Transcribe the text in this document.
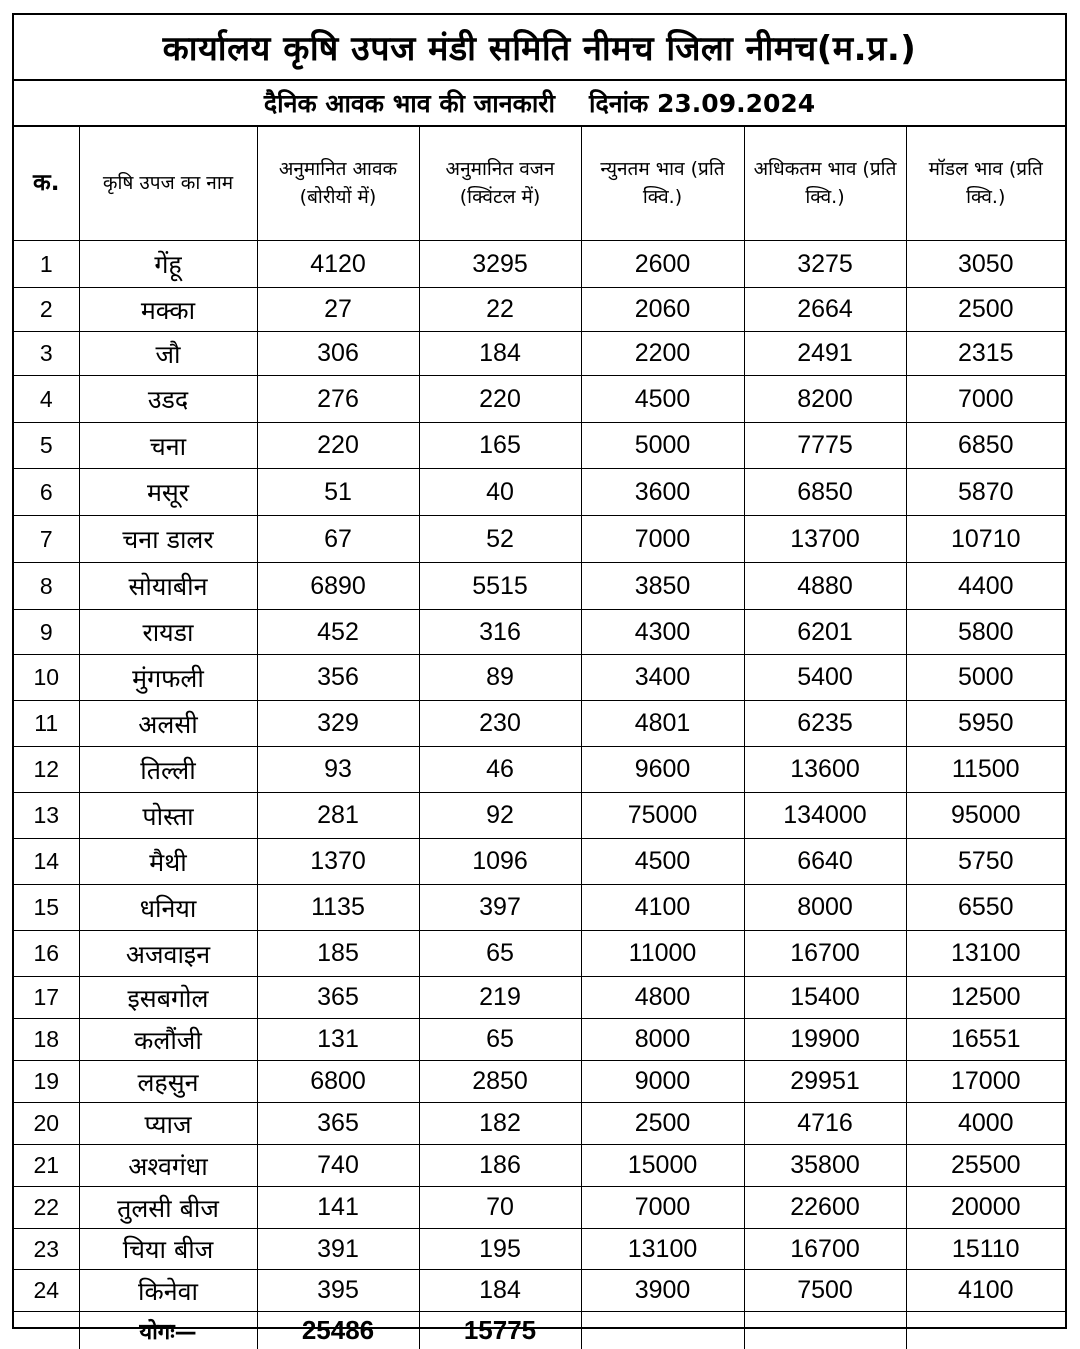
कार्यालय कृषि उपज मंडी समिति नीमच जिला नीमच(म.प्र.)
दैनिक आवक भाव की जानकारी दिनांक 23.09.2024
क.	कृषि उपज का नाम	अनुमानित आवक (बोरीयों में)	अनुमानित वजन (क्विंटल में)	न्युनतम भाव (प्रति क्वि.)	अधिकतम भाव (प्रति क्वि.)	मॉडल भाव (प्रति क्वि.)
1	गेंहू	4120	3295	2600	3275	3050
2	मक्का	27	22	2060	2664	2500
3	जौ	306	184	2200	2491	2315
4	उडद	276	220	4500	8200	7000
5	चना	220	165	5000	7775	6850
6	मसूर	51	40	3600	6850	5870
7	चना डालर	67	52	7000	13700	10710
8	सोयाबीन	6890	5515	3850	4880	4400
9	रायडा	452	316	4300	6201	5800
10	मुंगफली	356	89	3400	5400	5000
11	अलसी	329	230	4801	6235	5950
12	तिल्ली	93	46	9600	13600	11500
13	पोस्ता	281	92	75000	134000	95000
14	मैथी	1370	1096	4500	6640	5750
15	धनिया	1135	397	4100	8000	6550
16	अजवाइन	185	65	11000	16700	13100
17	इसबगोल	365	219	4800	15400	12500
18	कलौंजी	131	65	8000	19900	16551
19	लहसुन	6800	2850	9000	29951	17000
20	प्याज	365	182	2500	4716	4000
21	अश्वगंधा	740	186	15000	35800	25500
22	तुलसी बीज	141	70	7000	22600	20000
23	चिया बीज	391	195	13100	16700	15110
24	किनेवा	395	184	3900	7500	4100
	योगः—	25486	15775			
